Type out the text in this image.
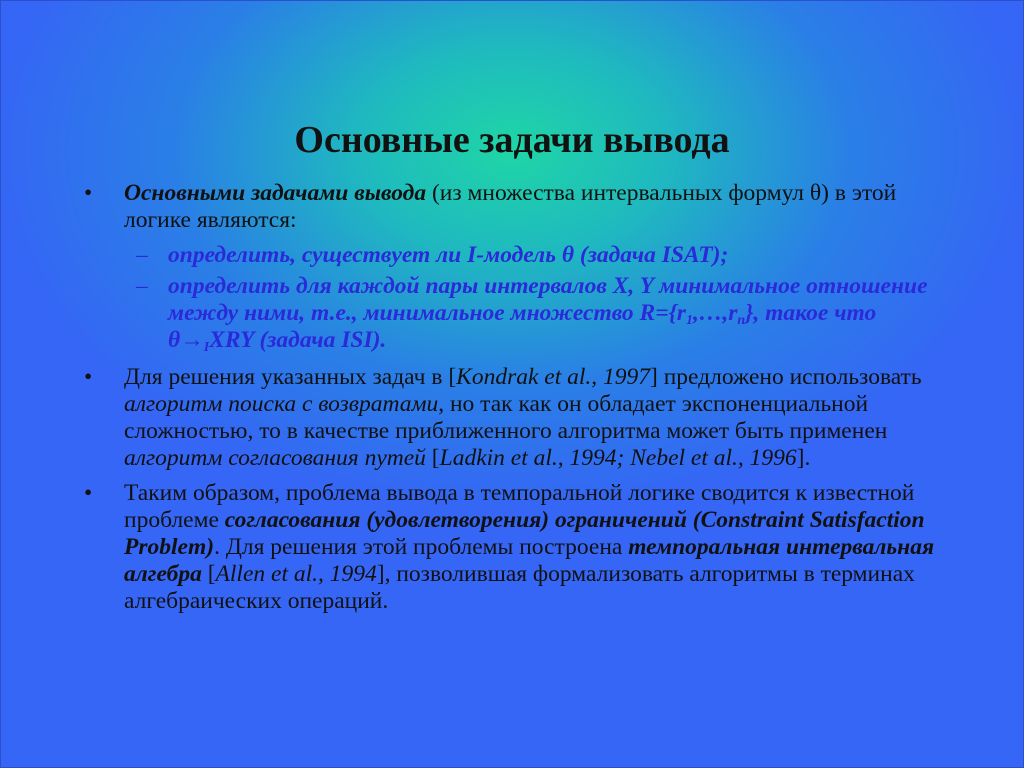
Основные задачи вывода
•	Основными задачами вывода (из множества интервальных формул θ) в этой логике являются:
– определить, существует ли I-модель θ (задача ISAT);
– определить для каждой пары интервалов X, Y минимальное отношение между ними, т.е., минимальное множество $R=\{r_1,\dots,r_n\}$, такое что $\theta\to_IXRY$ (задача ISI).
•	Для решения указанных задач в [Kondrak et al., 1997] предложено использовать алгоритм поиска с возвратами, но так как он обладает экспоненциальной сложностью, то в качестве приближенного алгоритма может быть применен алгоритм согласования путей [Ladkin et al., 1994; Nebel et al., 1996].
•	Таким образом, проблема вывода в темпоральной логике сводится к известной проблеме согласования (удовлетворения) ограничений (Constraint Satisfaction Problem). Для решения этой проблемы построена темпоральная интервальная алгебра [Allen et al., 1994], позволившая формализовать алгоритмы в терминах алгебраических операций.
